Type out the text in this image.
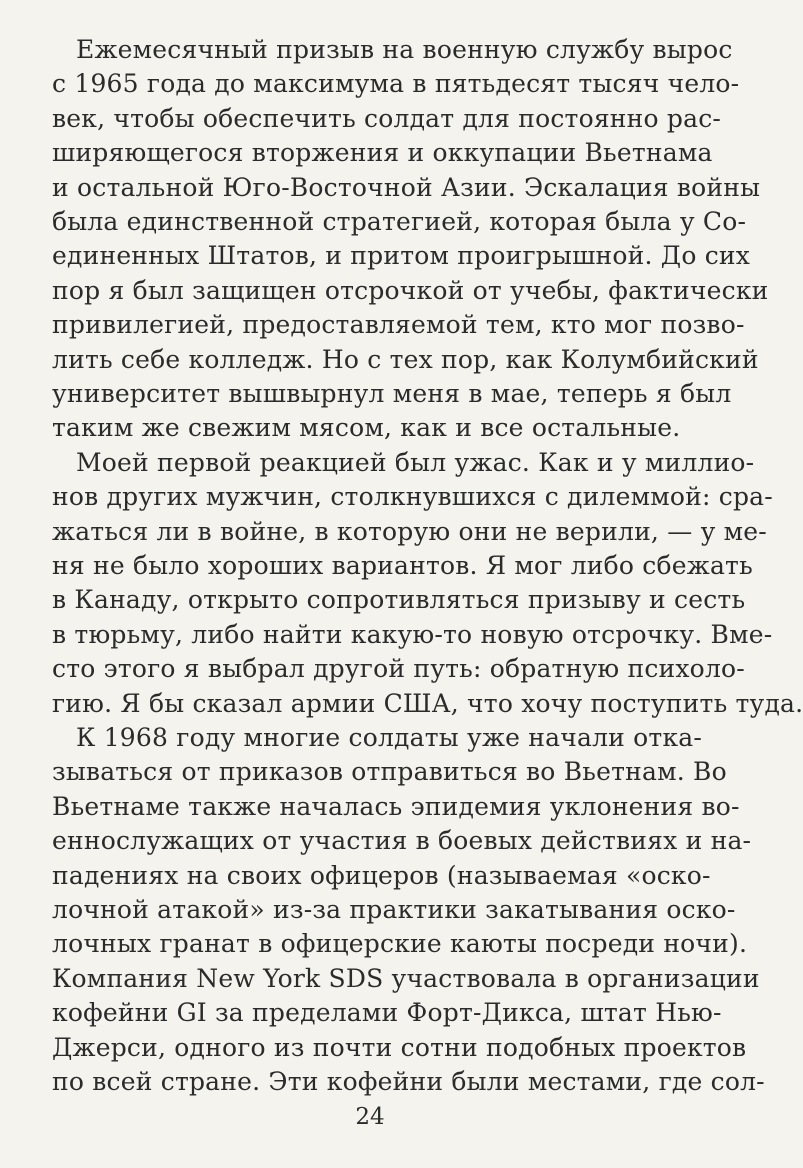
Ежемесячный призыв на военную службу вырос
с 1965 года до максимума в пятьдесят тысяч чело-
век, чтобы обеспечить солдат для постоянно рас-
ширяющегося вторжения и оккупации Вьетнама
и остальной Юго-Восточной Азии. Эскалация войны
была единственной стратегией, которая была у Со-
единенных Штатов, и притом проигрышной. До сих
пор я был защищен отсрочкой от учебы, фактически
привилегией, предоставляемой тем, кто мог позво-
лить себе колледж. Но с тех пор, как Колумбийский
университет вышвырнул меня в мае, теперь я был
таким же свежим мясом, как и все остальные.
Моей первой реакцией был ужас. Как и у миллио-
нов других мужчин, столкнувшихся с дилеммой: сра-
жаться ли в войне, в которую они не верили, — у ме-
ня не было хороших вариантов. Я мог либо сбежать
в Канаду, открыто сопротивляться призыву и сесть
в тюрьму, либо найти какую-то новую отсрочку. Вме-
сто этого я выбрал другой путь: обратную психоло-
гию. Я бы сказал армии США, что хочу поступить туда.
К 1968 году многие солдаты уже начали отка-
зываться от приказов отправиться во Вьетнам. Во
Вьетнаме также началась эпидемия уклонения во-
еннослужащих от участия в боевых действиях и на-
падениях на своих офицеров (называемая «оско-
лочной атакой» из-за практики закатывания оско-
лочных гранат в офицерские каюты посреди ночи).
Компания New York SDS участвовала в организации
кофейни GI за пределами Форт-Дикса, штат Нью-
Джерси, одного из почти сотни подобных проектов
по всей стране. Эти кофейни были местами, где сол-
24
